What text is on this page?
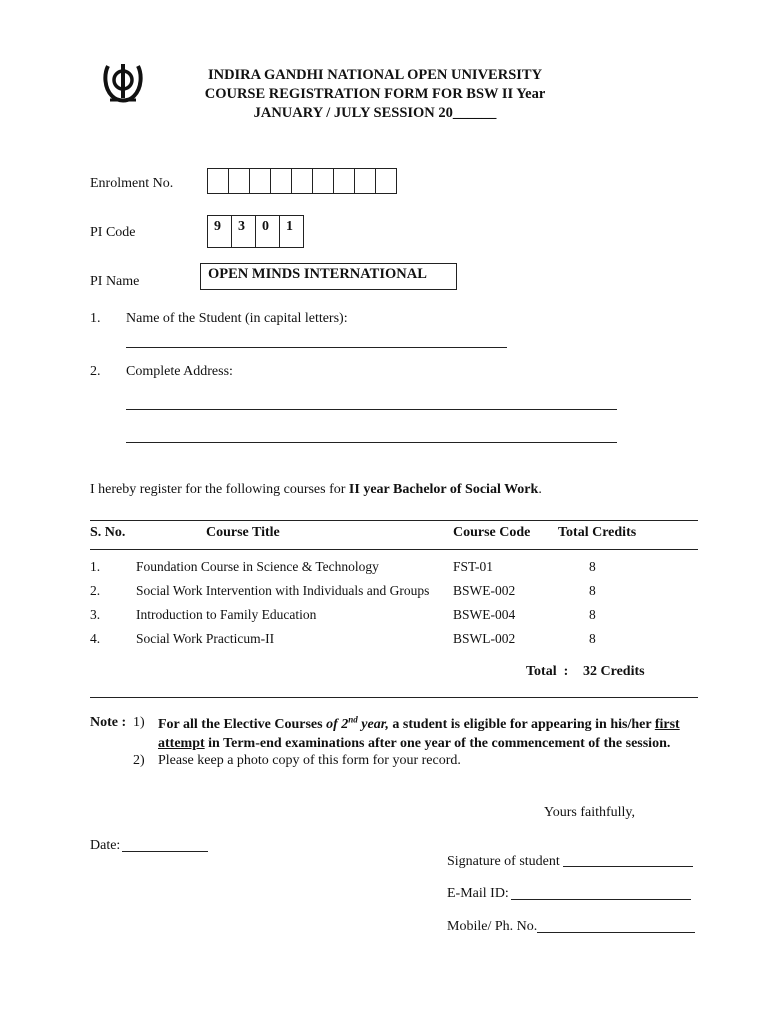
INDIRA GANDHI NATIONAL OPEN UNIVERSITY
COURSE REGISTRATION FORM FOR BSW II Year
JANUARY / JULY SESSION 20______
Enrolment No.
PI Code	9	3	0	1
PI Name	OPEN MINDS INTERNATIONAL
1. Name of the Student (in capital letters):
2. Complete Address:
I hereby register for the following courses for II year Bachelor of Social Work.
S. No.	Course Title	Course Code Total Credits
1.	Foundation Course in Science & Technology	FST-01	8
2.	Social Work Intervention with Individuals and Groups BSWE-002	8
3.	Introduction to Family Education	BSWE-004	8
4.	Social Work Practicum-II	BSWL-002	8
Total  : 32 Credits
Note : 1) For all the Elective Courses of 2nd year, a student is eligible for appearing in his/her first attempt in Term-end examinations after one year of the commencement of the session.
2) Please keep a photo copy of this form for your record.
Yours faithfully,
Date:
Signature of student
E-Mail ID:
Mobile/ Ph. No.
